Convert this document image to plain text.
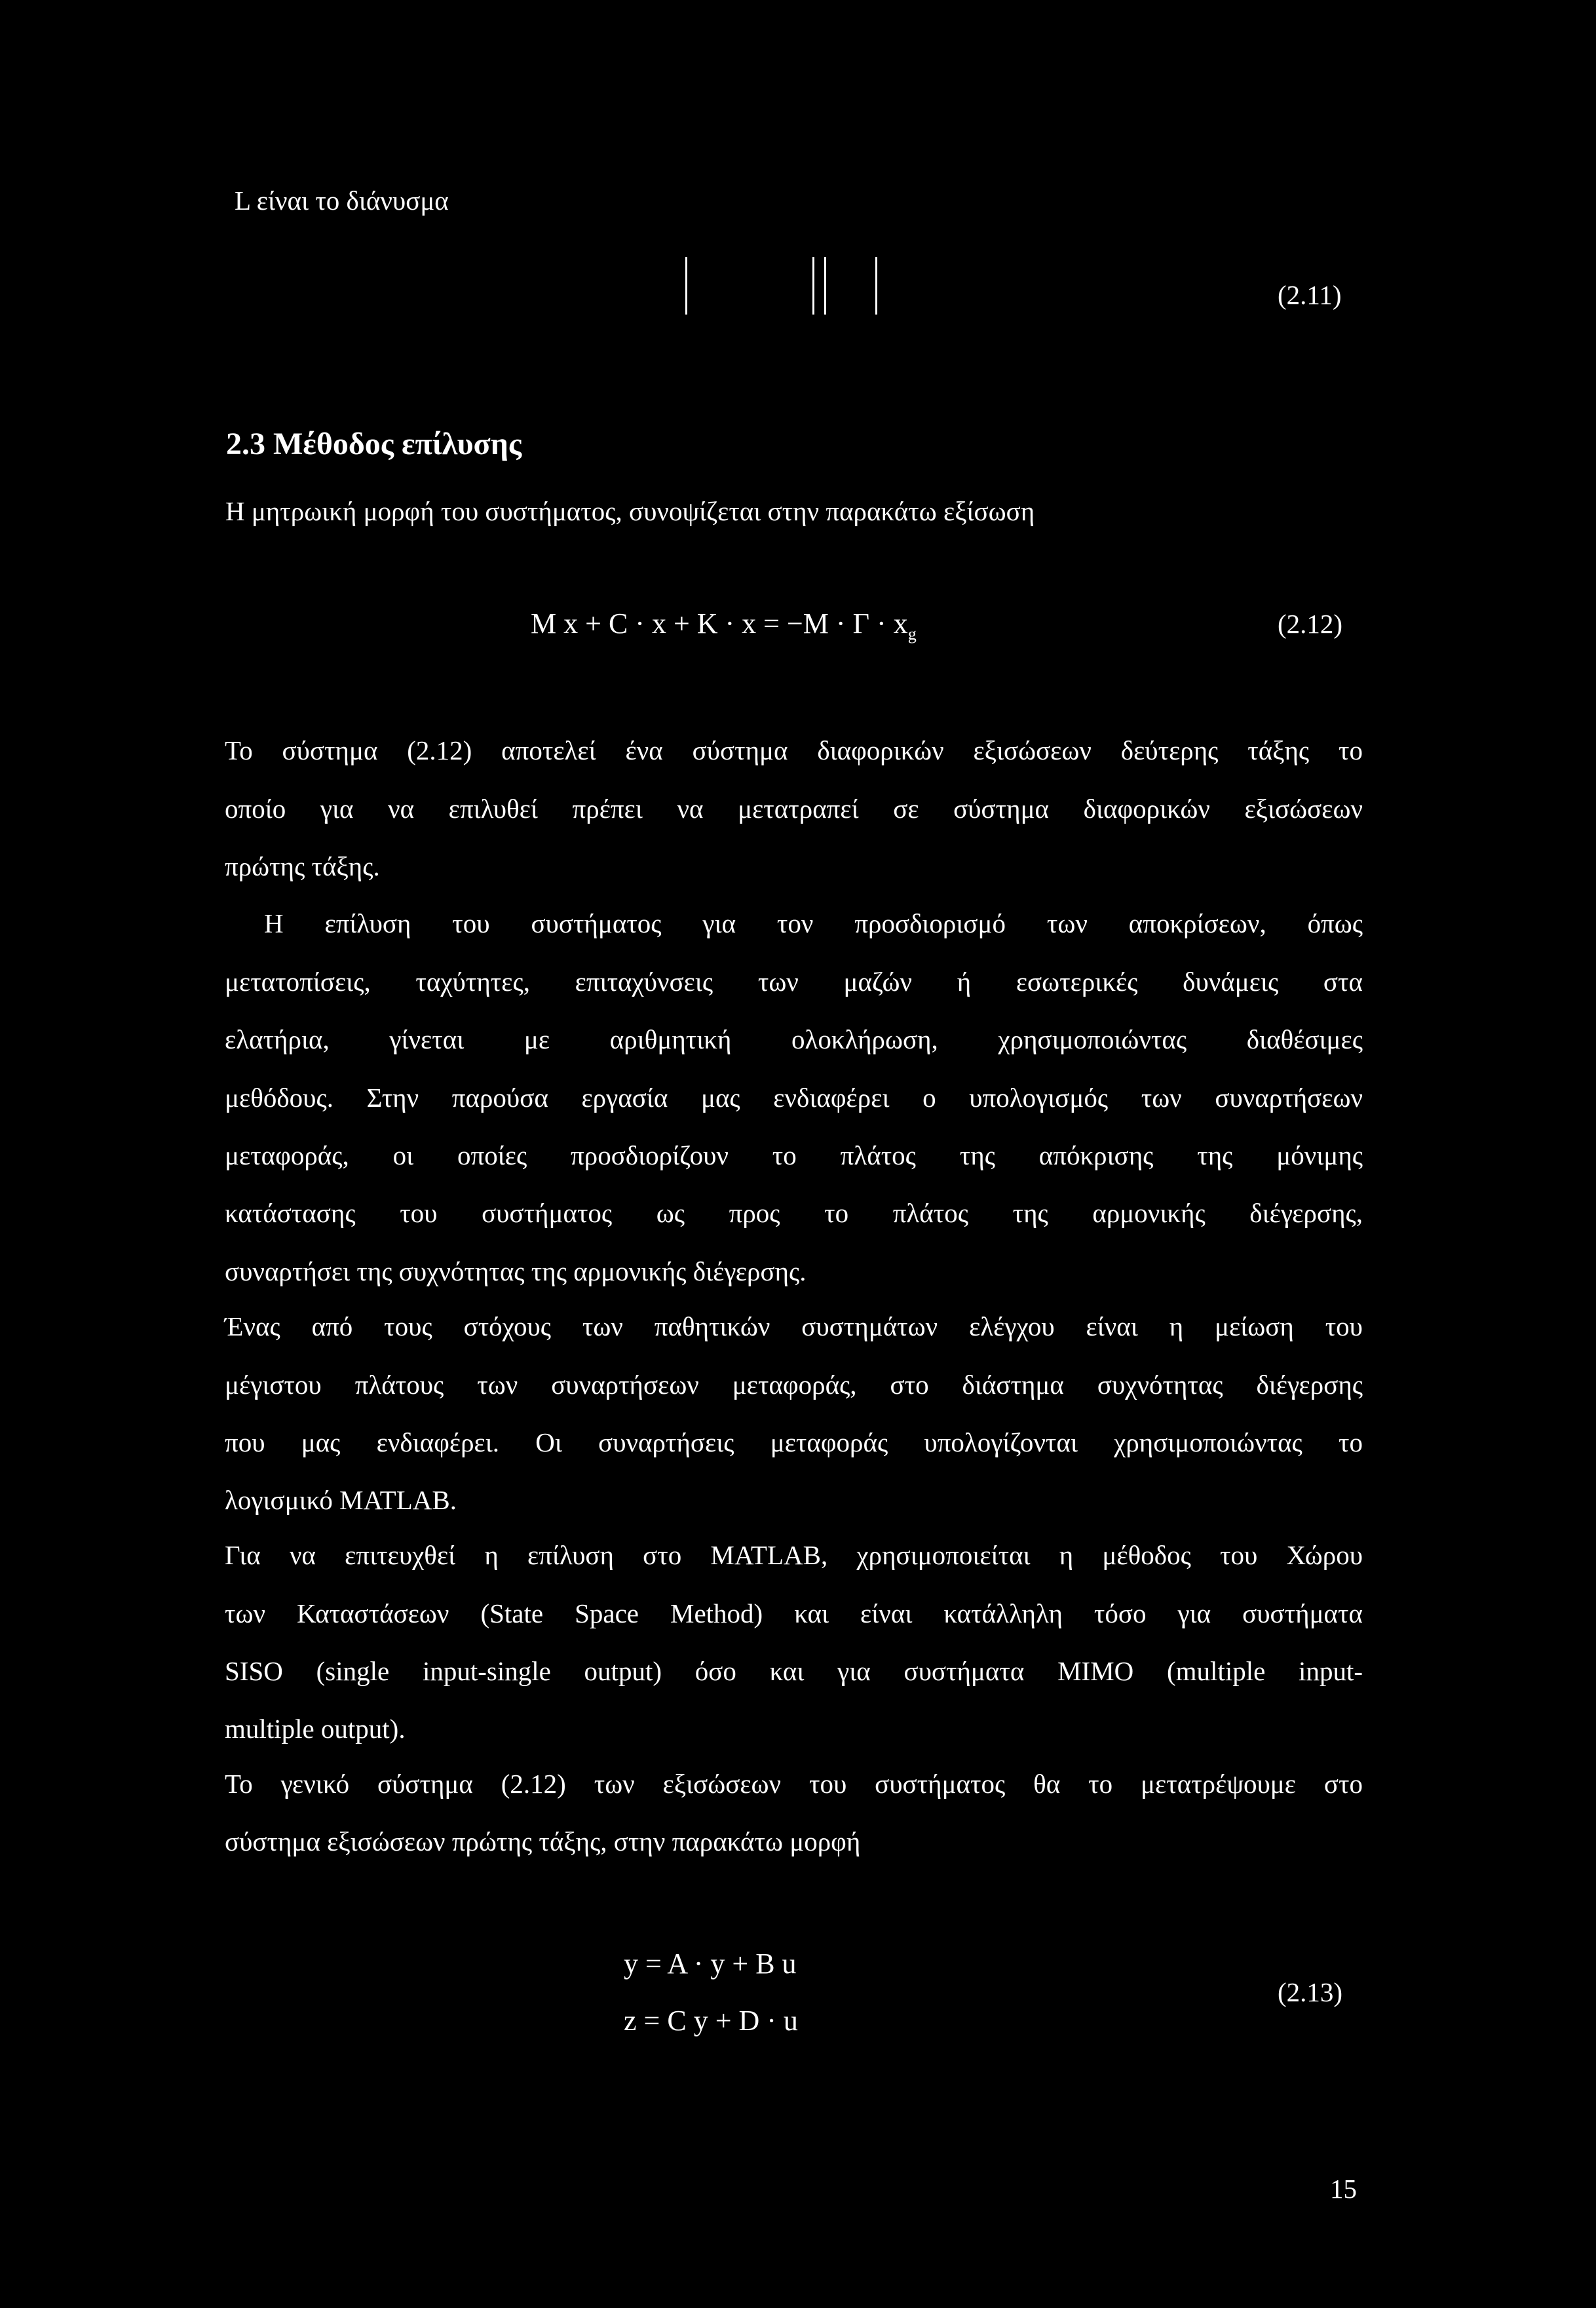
L είναι το διάνυσμα
(2.11)
2.3 Μέθοδος επίλυσης
Η μητρωική μορφή του συστήματος, συνοψίζεται στην παρακάτω εξίσωση
M $x + C \cdot x + K \cdot x = -M \cdot \Gamma \cdot x_g$	(2.12)
Το σύστημα (2.12) αποτελεί ένα σύστημα διαφορικών εξισώσεων δεύτερης τάξης το
οποίο για να επιλυθεί πρέπει να μετατραπεί σε σύστημα διαφορικών εξισώσεων
πρώτης τάξης.
Η επίλυση του συστήματος για τον προσδιορισμό των αποκρίσεων, όπως
μετατοπίσεις, ταχύτητες, επιταχύνσεις των μαζών ή εσωτερικές δυνάμεις στα
ελατήρια, γίνεται με αριθμητική ολοκλήρωση, χρησιμοποιώντας διαθέσιμες
μεθόδους. Στην παρούσα εργασία μας ενδιαφέρει ο υπολογισμός των συναρτήσεων
μεταφοράς, οι οποίες προσδιορίζουν το πλάτος της απόκρισης της μόνιμης
κατάστασης του συστήματος ως προς το πλάτος της αρμονικής διέγερσης,
συναρτήσει της συχνότητας της αρμονικής διέγερσης.
Ένας από τους στόχους των παθητικών συστημάτων ελέγχου είναι η μείωση του
μέγιστου πλάτους των συναρτήσεων μεταφοράς, στο διάστημα συχνότητας διέγερσης
που μας ενδιαφέρει. Οι συναρτήσεις μεταφοράς υπολογίζονται χρησιμοποιώντας το
λογισμικό MATLAB.
Για να επιτευχθεί η επίλυση στο MATLAB, χρησιμοποιείται η μέθοδος του Χώρου
των Καταστάσεων (State Space Method) και είναι κατάλληλη τόσο για συστήματα
SISO (single input-single output) όσο και για συστήματα MIMO (multiple input-
multiple output).
Το γενικό σύστημα (2.12) των εξισώσεων του συστήματος θα το μετατρέψουμε στο
σύστημα εξισώσεων πρώτης τάξης, στην παρακάτω μορφή
y = A · y + B u
z = C y + D · u
(2.13)
15
